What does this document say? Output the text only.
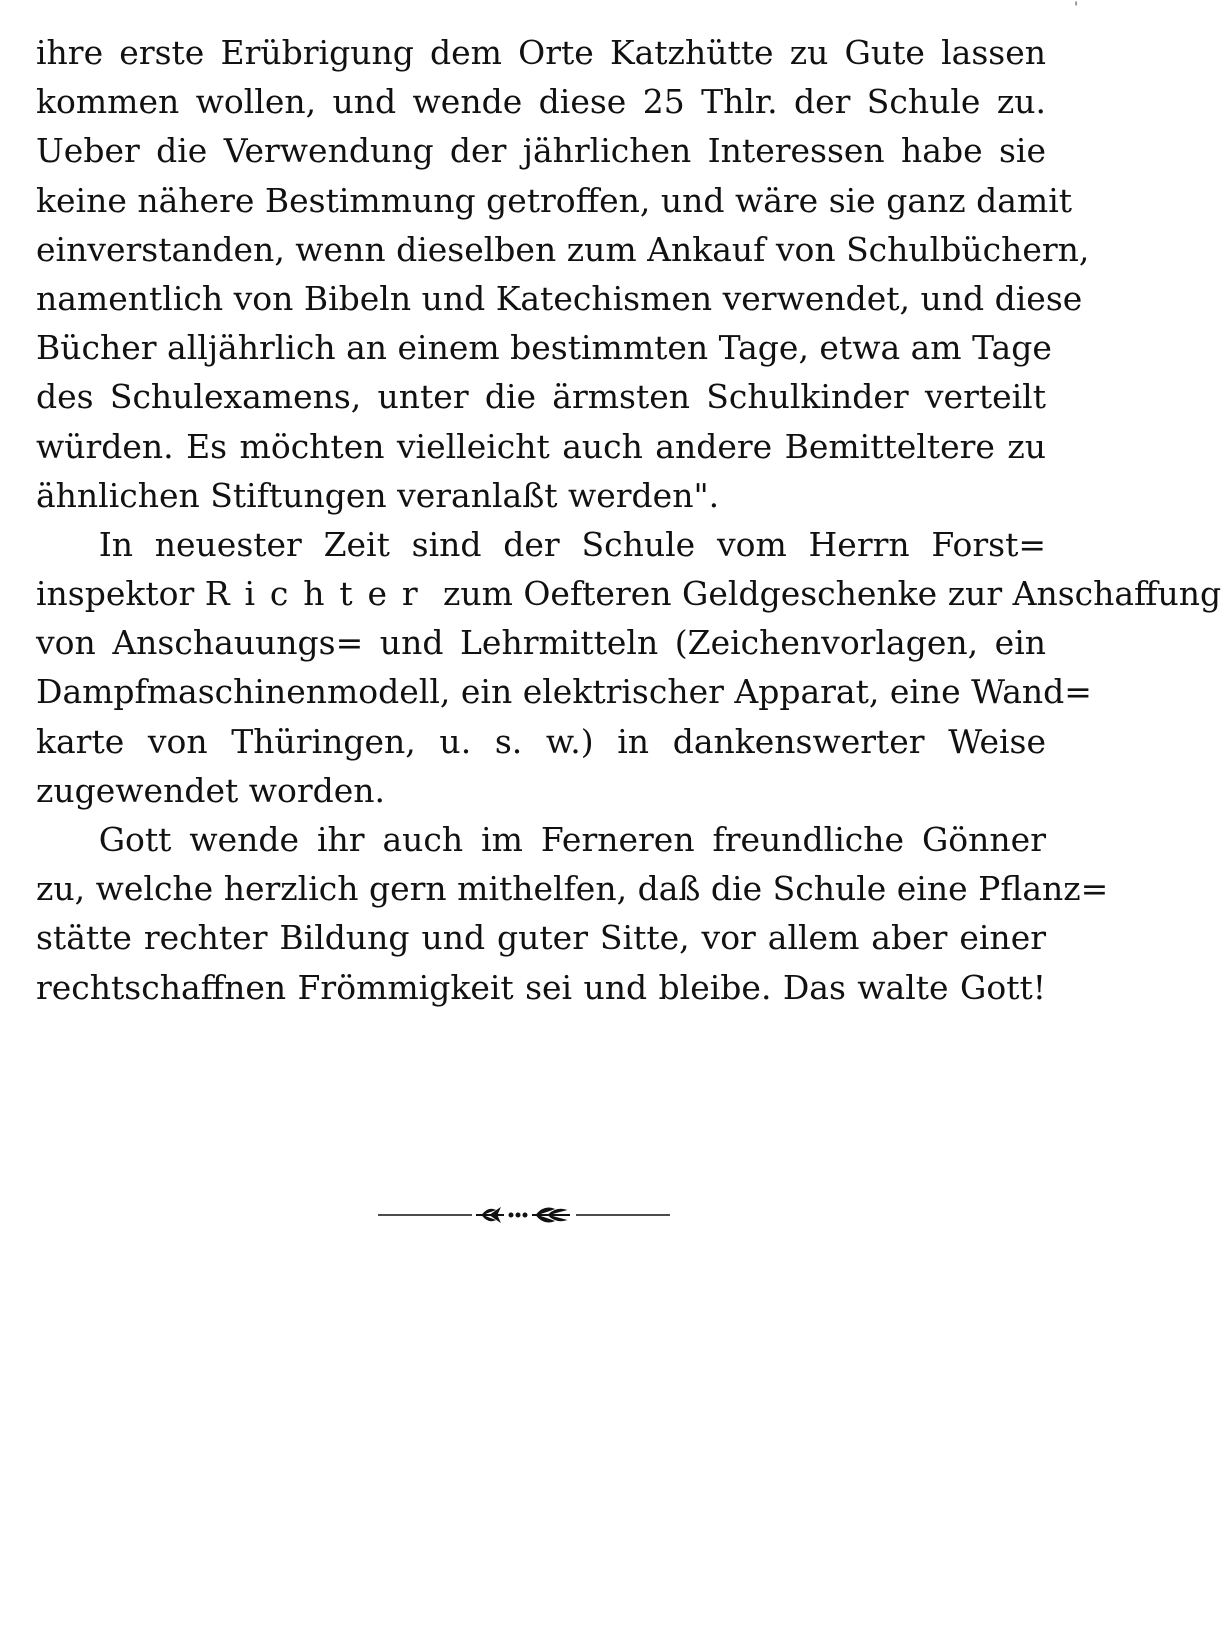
'
ihre erste Erübrigung dem Orte Katzhütte zu Gute lassen
kommen wollen, und wende diese 25 Thlr. der Schule zu.
Ueber die Verwendung der jährlichen Interessen habe sie
keine nähere Bestimmung getroffen, und wäre sie ganz damit
einverstanden, wenn dieselben zum Ankauf von Schulbüchern,
namentlich von Bibeln und Katechismen verwendet, und diese
Bücher alljährlich an einem bestimmten Tage, etwa am Tage
des Schulexamens, unter die ärmsten Schulkinder verteilt
würden. Es möchten vielleicht auch andere Bemitteltere zu
ähnlichen Stiftungen veranlaßt werden".
In neuester Zeit sind der Schule vom Herrn Forst=
inspektor Richter zum Oefteren Geldgeschenke zur Anschaffung
von Anschauungs= und Lehrmitteln (Zeichenvorlagen, ein
Dampfmaschinenmodell, ein elektrischer Apparat, eine Wand=
karte von Thüringen, u. s. w.) in dankenswerter Weise
zugewendet worden.
Gott wende ihr auch im Ferneren freundliche Gönner
zu, welche herzlich gern mithelfen, daß die Schule eine Pflanz=
stätte rechter Bildung und guter Sitte, vor allem aber einer
rechtschaffnen Frömmigkeit sei und bleibe. Das walte Gott!
